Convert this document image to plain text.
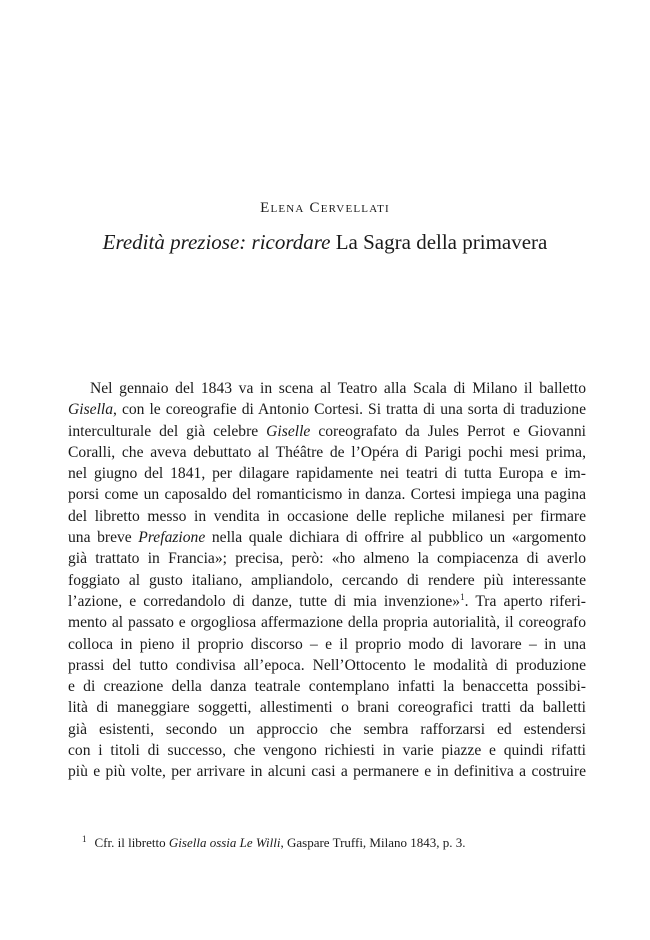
Elena Cervellati
Eredità preziose: ricordare La Sagra della primavera
Nel gennaio del 1843 va in scena al Teatro alla Scala di Milano il balletto
Gisella, con le coreografie di Antonio Cortesi. Si tratta di una sorta di traduzione
interculturale del già celebre Giselle coreografato da Jules Perrot e Giovanni
Coralli, che aveva debuttato al Théâtre de l’Opéra di Parigi pochi mesi prima,
nel giugno del 1841, per dilagare rapidamente nei teatri di tutta Europa e im-
porsi come un caposaldo del romanticismo in danza. Cortesi impiega una pagina
del libretto messo in vendita in occasione delle repliche milanesi per firmare
una breve Prefazione nella quale dichiara di offrire al pubblico un «argomento
già trattato in Francia»; precisa, però: «ho almeno la compiacenza di averlo
foggiato al gusto italiano, ampliandolo, cercando di rendere più interessante
l’azione, e corredandolo di danze, tutte di mia invenzione»$^1$. Tra aperto riferi-
mento al passato e orgogliosa affermazione della propria autorialità, il coreografo
colloca in pieno il proprio discorso – e il proprio modo di lavorare – in una
prassi del tutto condivisa all’epoca. Nell’Ottocento le modalità di produzione
e di creazione della danza teatrale contemplano infatti la benaccetta possibi-
lità di maneggiare soggetti, allestimenti o brani coreografici tratti da balletti
già esistenti, secondo un approccio che sembra rafforzarsi ed estendersi
con i titoli di successo, che vengono richiesti in varie piazze e quindi rifatti
più e più volte, per arrivare in alcuni casi a permanere e in definitiva a costruire
$^1$ Cfr. il libretto Gisella ossia Le Willi, Gaspare Truffi, Milano 1843, p. 3.
